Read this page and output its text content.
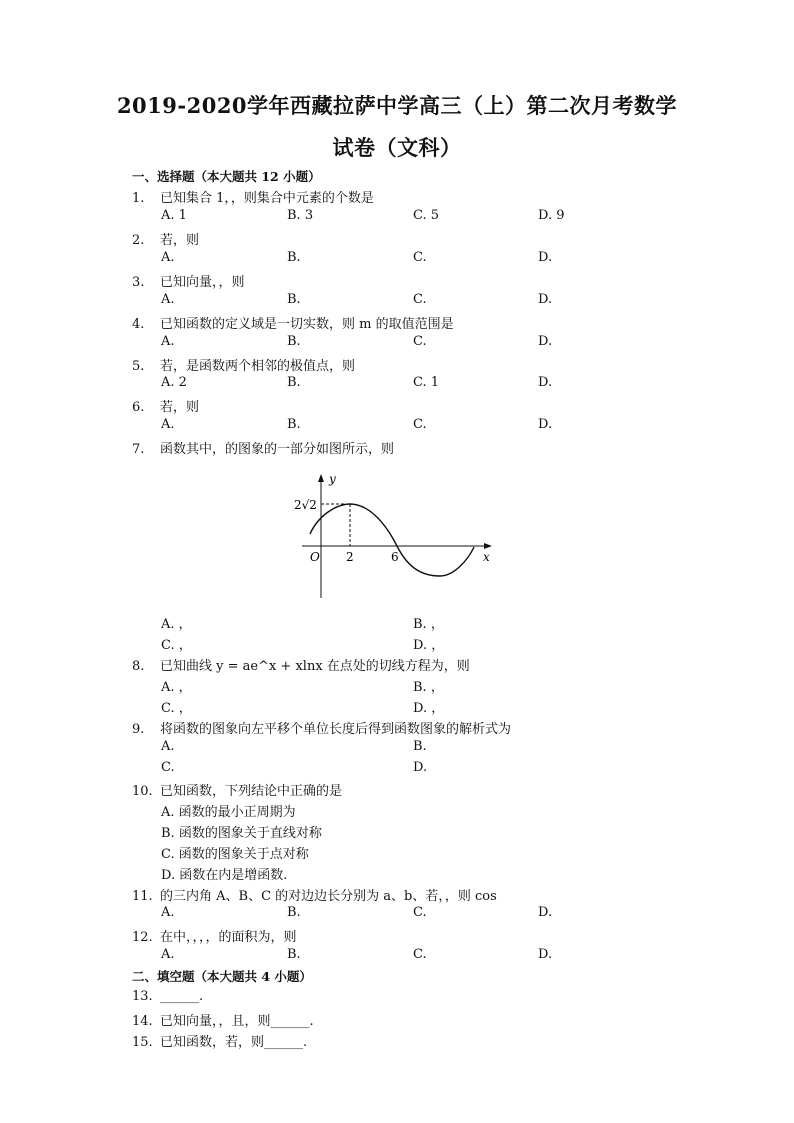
2019-2020学年西藏拉萨中学高三（上）第二次月考数学
试卷（文科）
一、选择题（本大题共 12 小题）
1. 已知集合 1，，则集合中元素的个数是
A. 1	B. 3	C. 5	D. 9
2. 若，则
A.	B.	C.	D.
3. 已知向量，，则
A.	B.	C.	D.
4. 已知函数的定义域是一切实数，则 m 的取值范围是
A.	B.	C.	D.
5. 若，是函数两个相邻的极值点，则
A. 2	B.	C. 1	D.
6. 若，则
A.	B.	C.	D.
7. 函数其中，的图象的一部分如图所示，则
y
x
O
2√2
2	6
A. ，	B. ，
C. ，	D. ，
8. 已知曲线 y = ae^x + xlnx 在点处的切线方程为，则
A. ，	B. ，
C. ，	D. ，
9. 将函数的图象向左平移个单位长度后得到函数图象的解析式为
A.	B.
C.	D.
10. 已知函数，下列结论中正确的是
A. 函数的最小正周期为
B. 函数的图象关于直线对称
C. 函数的图象关于点对称
D. 函数在内是增函数.
11. 的三内角 A、B、C 的对边边长分别为 a、b、若，，则 cos
A.	B.	C.	D.
12. 在中，，，，的面积为，则
A.	B.	C.	D.
二、填空题（本大题共 4 小题）
13. ______.
14. 已知向量，，且，则______.
15. 已知函数，若，则______.
